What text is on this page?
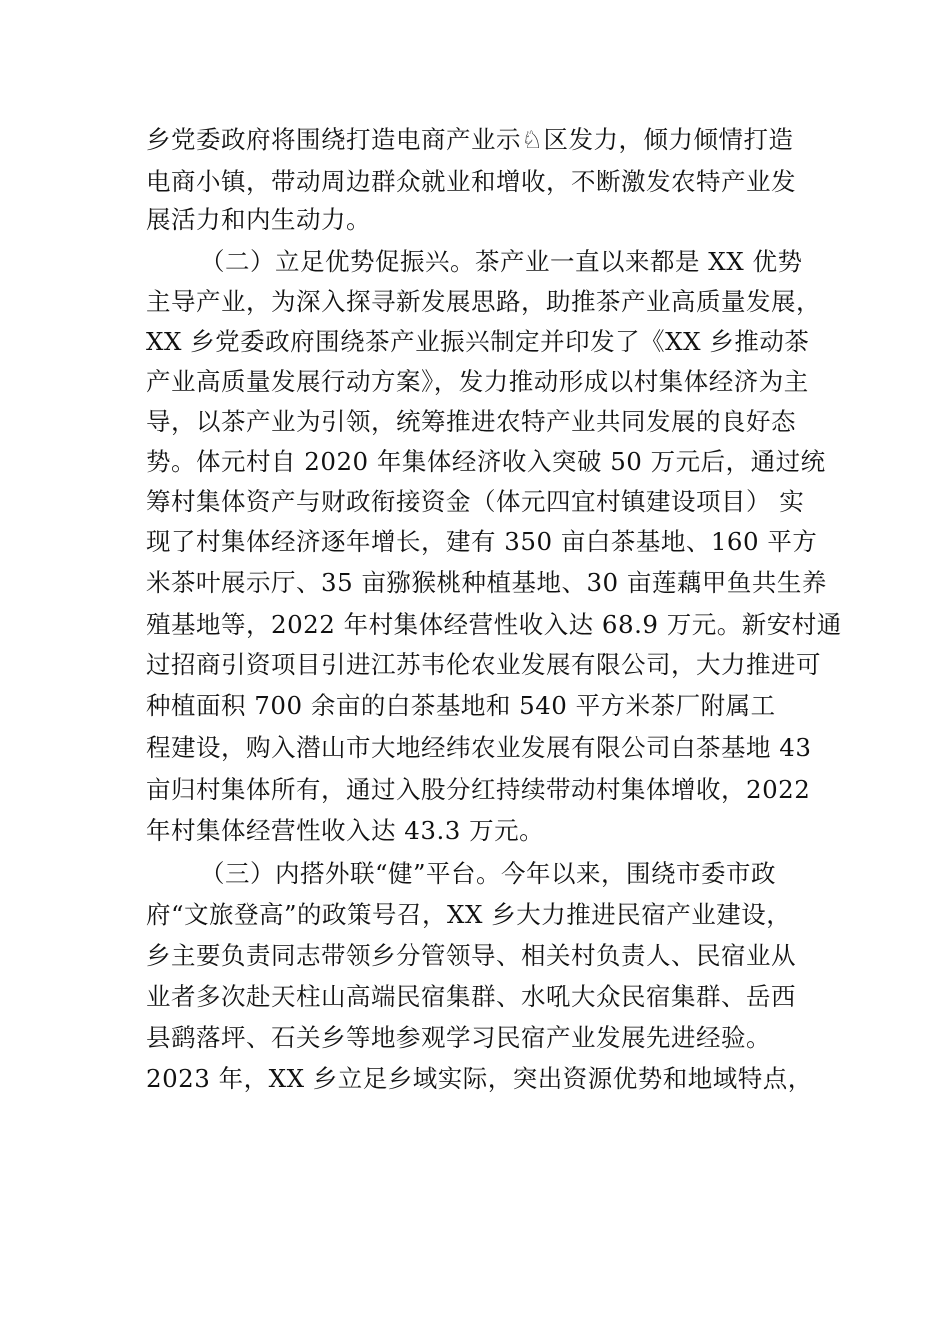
乡党委政府将围绕打造电商产业示♘区发力，倾力倾情打造

电商小镇，带动周边群众就业和增收，不断激发农特产业发

展活力和内生动力。

（二）立足优势促振兴。茶产业一直以来都是 XX 优势

主导产业，为深入探寻新发展思路，助推茶产业高质量发展，

XX 乡党委政府围绕茶产业振兴制定并印发了《XX 乡推动茶

产业高质量发展行动方案》，发力推动形成以村集体经济为主

导，以茶产业为引领，统筹推进农特产业共同发展的良好态

势。体元村自 2020 年集体经济收入突破 50 万元后，通过统

筹村集体资产与财政衔接资金（体元四宜村镇建设项目） 实

现了村集体经济逐年增长，建有 350 亩白茶基地、160 平方

米茶叶展示厅、35 亩猕猴桃种植基地、30 亩莲藕甲鱼共生养

殖基地等，2022 年村集体经营性收入达 68.9 万元。新安村通

过招商引资项目引进江苏韦伦农业发展有限公司，大力推进可

种植面积 700 余亩的白茶基地和 540 平方米茶厂附属工

程建设，购入潜山市大地经纬农业发展有限公司白茶基地 43

亩归村集体所有，通过入股分红持续带动村集体增收，2022

年村集体经营性收入达 43.3 万元。

（三）内搭外联“健”平台。今年以来，围绕市委市政

府“文旅登高”的政策号召，XX 乡大力推进民宿产业建设，

乡主要负责同志带领乡分管领导、相关村负责人、民宿业从

业者多次赴天柱山高端民宿集群、水吼大众民宿集群、岳西

县鹞落坪、石关乡等地参观学习民宿产业发展先进经验。

2023 年，XX 乡立足乡域实际，突出资源优势和地域特点，
